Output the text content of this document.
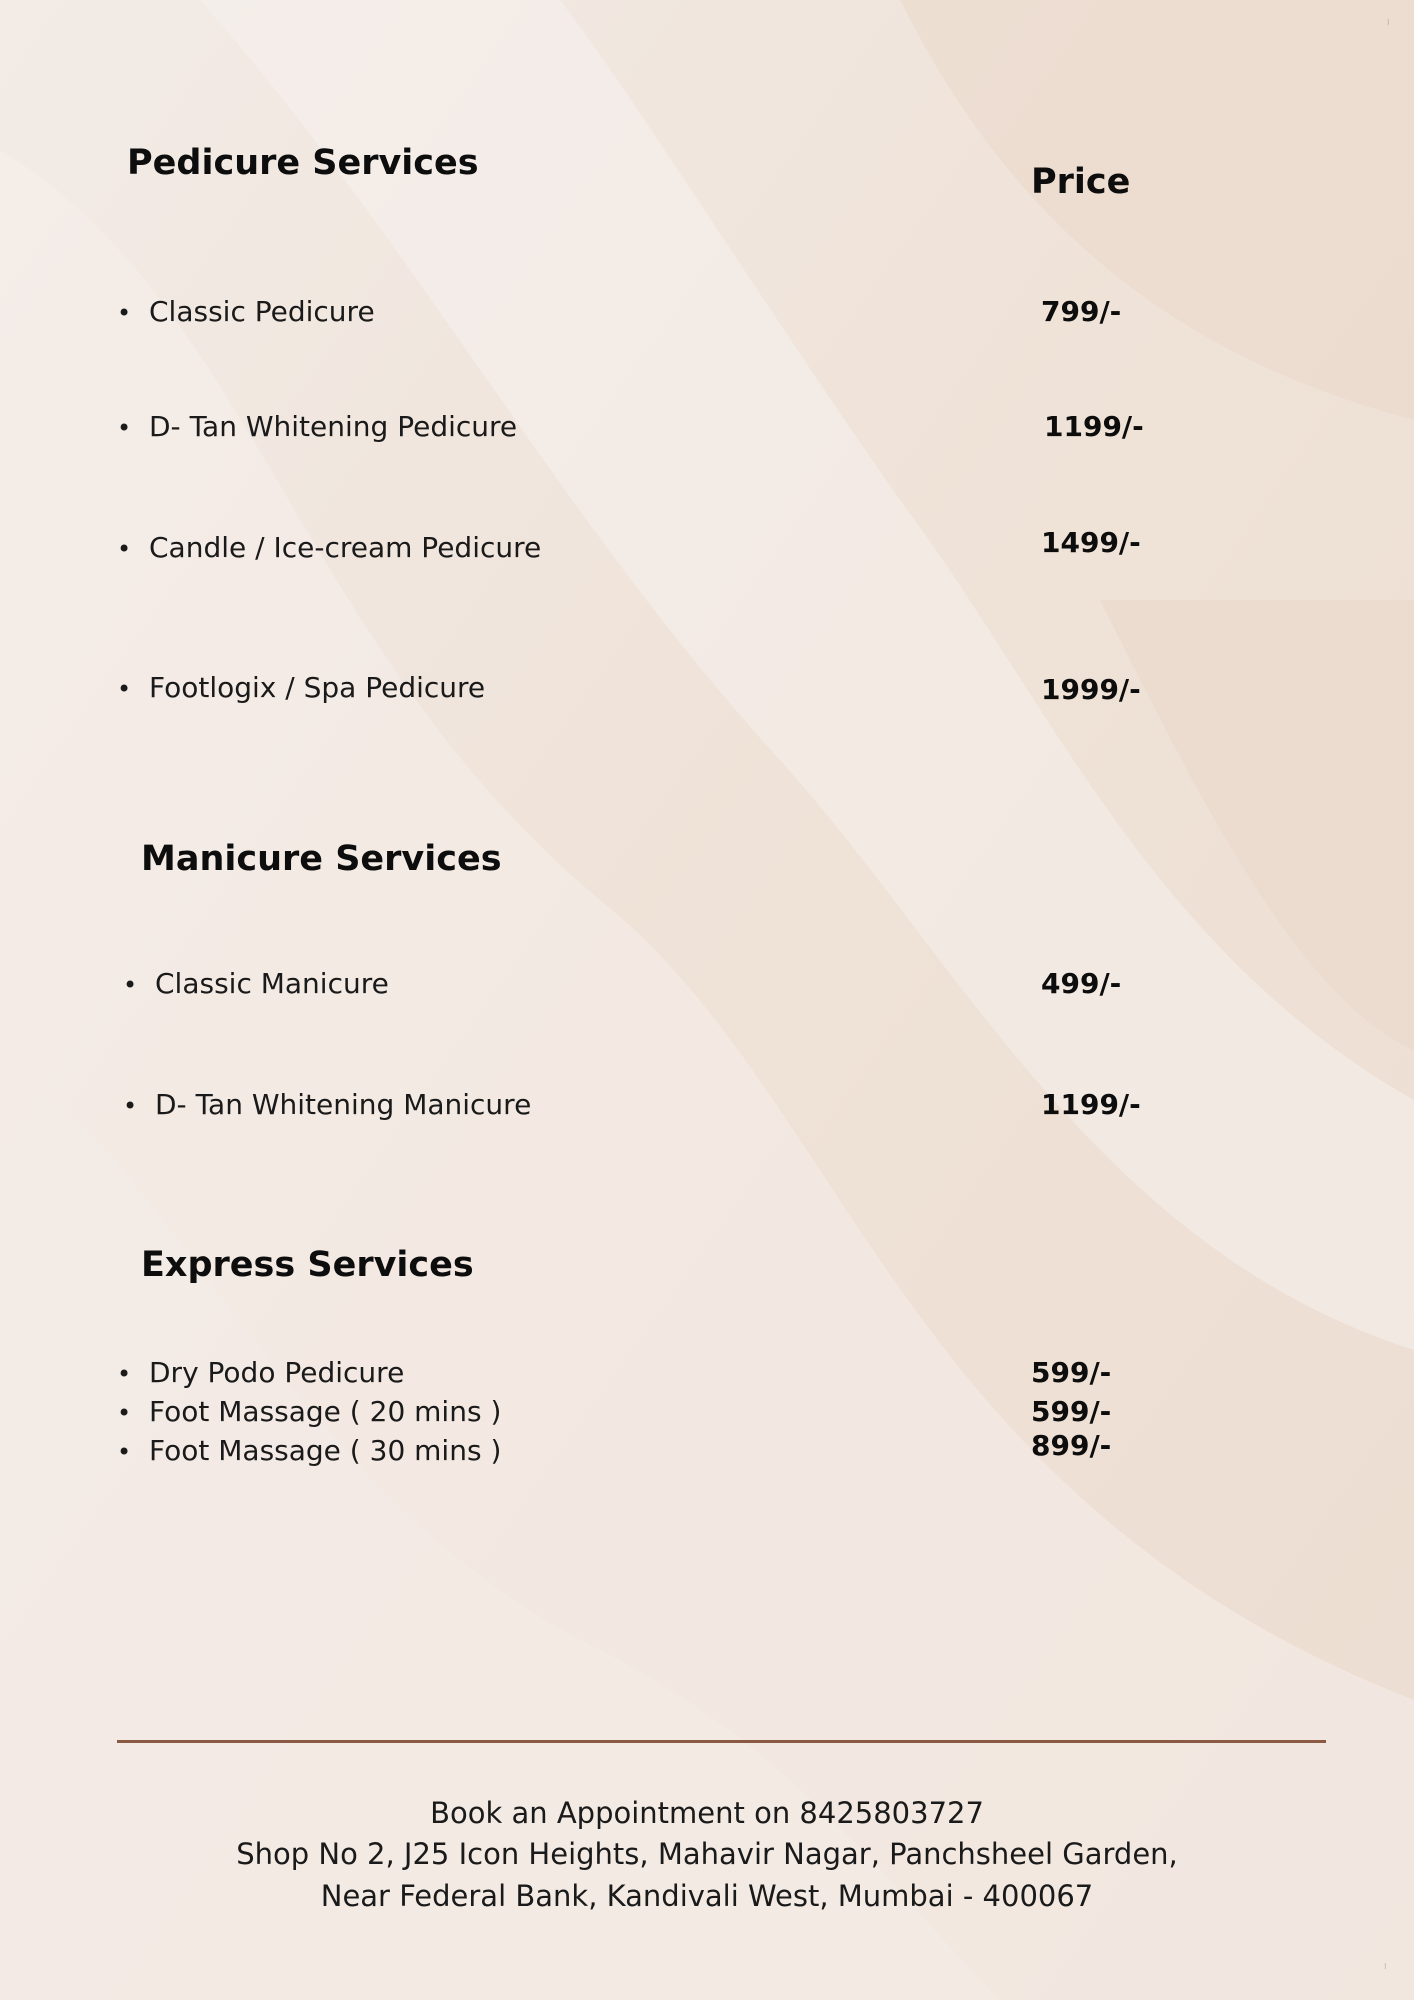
Pedicure Services	Price
• Classic Pedicure	799/-
• D- Tan Whitening Pedicure	1199/-
• Candle / Ice-cream Pedicure	1499/-
• Footlogix / Spa Pedicure	1999/-
Manicure Services
• Classic Manicure	499/-
• D- Tan Whitening Manicure	1199/-
Express Services
• Dry Podo Pedicure	599/-
• Foot Massage ( 20 mins )	599/-
• Foot Massage ( 30 mins )	899/-
Book an Appointment on 8425803727
Shop No 2, J25 Icon Heights, Mahavir Nagar, Panchsheel Garden,
Near Federal Bank, Kandivali West, Mumbai - 400067
⁝
⁝
